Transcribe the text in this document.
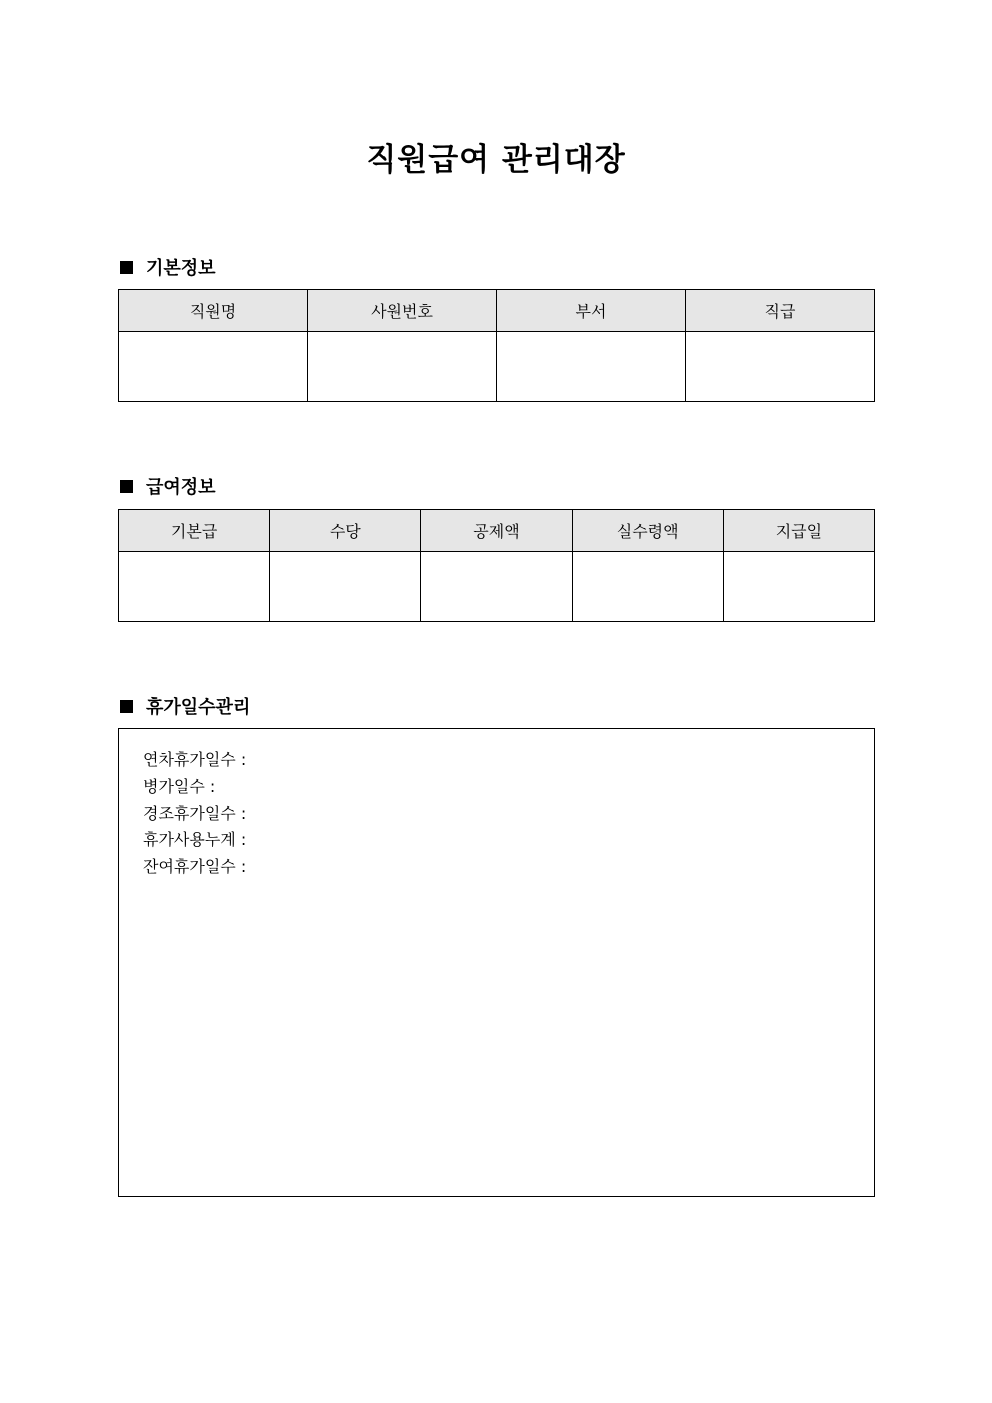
직원급여 관리대장
기본정보
직원명	사원번호	부서	직급

급여정보
기본급	수당	공제액	실수령액	지급일

휴가일수관리
연차휴가일수 :
병가일수 :
경조휴가일수 :
휴가사용누계 :
잔여휴가일수 :
